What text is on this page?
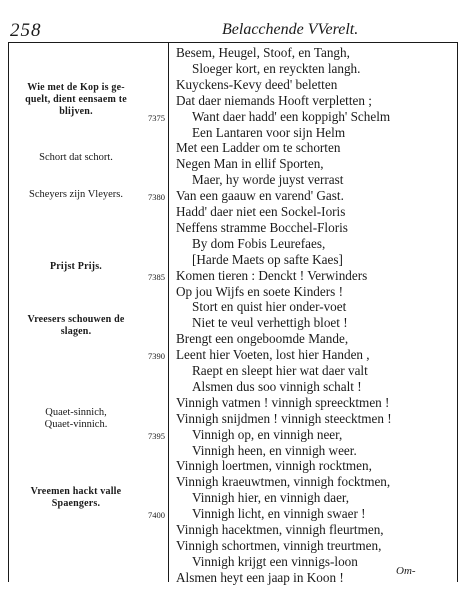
258	Belacchende VVerelt.
Wie met de Kop is ge-
quelt, dient eensaem te
blijven.
Schort dat schort.
Scheyers zijn Vleyers.
Prijst Prijs.
Vreesers schouwen de
slagen.
Quaet-sinnich,
Quaet-vinnich.
Vreemen hackt valle
Spaengers.
7375
7380
7385
7390
7395
7400
Besem, Heugel, Stoof, en Tangh,
Sloeger kort, en reyckten langh.
Kuyckens-Kevy deed' beletten
Dat daer niemands Hooft verpletten ;
Want daer hadd' een koppigh' Schelm
Een Lantaren voor sijn Helm
Met een Ladder om te schorten
Negen Man in ellif Sporten,
Maer, hy worde juyst verrast
Van een gaauw en varend' Gast.
Hadd' daer niet een Sockel-Ioris
Neffens stramme Bocchel-Floris
By dom Fobis Leurefaes,
[Harde Maets op safte Kaes]
Komen tieren : Denckt ! Verwinders
Op jou Wijfs en soete Kinders !
Stort en quist hier onder-voet
Niet te veul verhettigh bloet !
Brengt een ongeboomde Mande,
Leent hier Voeten, lost hier Handen ,
Raept en sleept hier wat daer valt
Alsmen dus soo vinnigh schalt !
Vinnigh vatmen ! vinnigh spreecktmen !
Vinnigh snijdmen ! vinnigh steecktmen !
Vinnigh op, en vinnigh neer,
Vinnigh heen, en vinnigh weer.
Vinnigh loertmen, vinnigh rocktmen,
Vinnigh kraeuwtmen, vinnigh focktmen,
Vinnigh hier, en vinnigh daer,
Vinnigh licht, en vinnigh swaer !
Vinnigh hacektmen, vinnigh fleurtmen,
Vinnigh schortmen, vinnigh treurtmen,
Vinnigh krijgt een vinnigs-loon
Alsmen heyt een jaap in Koon !	Om-
